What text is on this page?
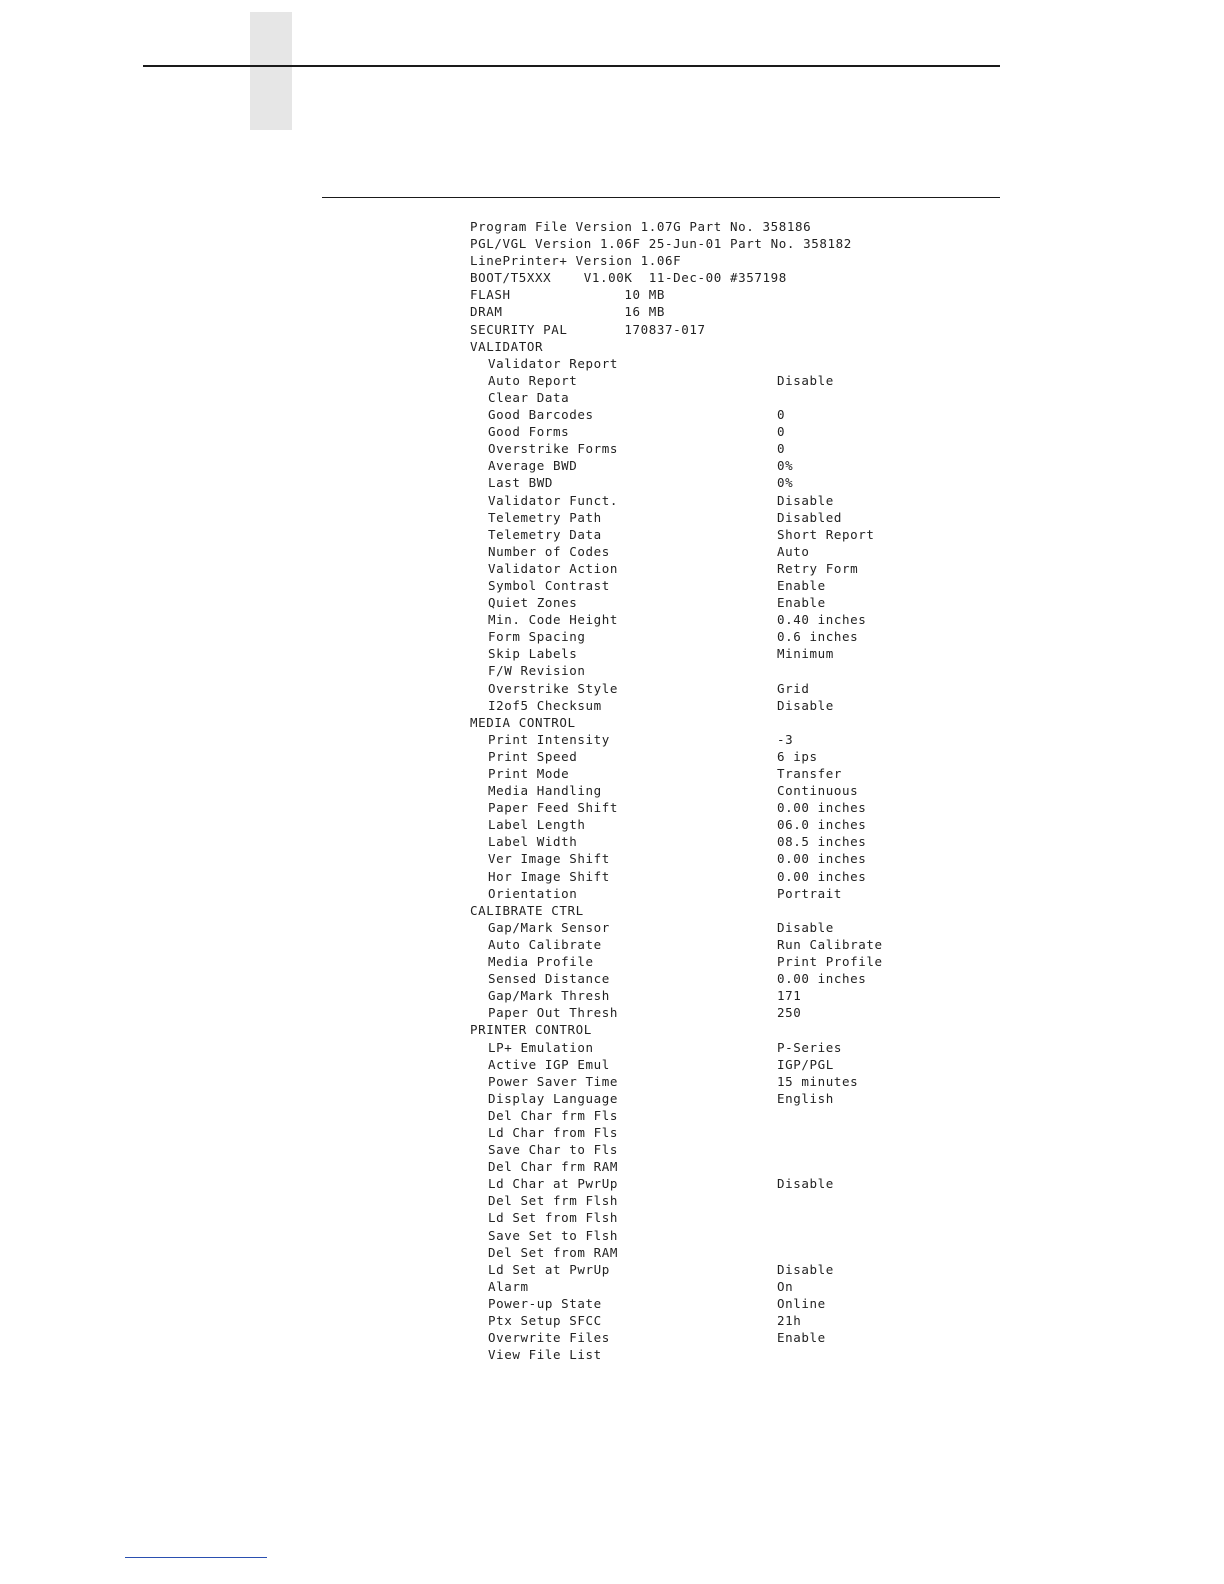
Program File Version 1.07G Part No. 358186
PGL/VGL Version 1.06F 25-Jun-01 Part No. 358182
LinePrinter+ Version 1.06F
BOOT/T5XXX    V1.00K  11-Dec-00 #357198
FLASH              10 MB
DRAM               16 MB
SECURITY PAL       170837-017
VALIDATOR
Validator Report
Auto Report	Disable
Clear Data
Good Barcodes	0
Good Forms	0
Overstrike Forms	0
Average BWD	0%
Last BWD	0%
Validator Funct.	Disable
Telemetry Path	Disabled
Telemetry Data	Short Report
Number of Codes	Auto
Validator Action	Retry Form
Symbol Contrast	Enable
Quiet Zones	Enable
Min. Code Height	0.40 inches
Form Spacing	0.6 inches
Skip Labels	Minimum
F/W Revision
Overstrike Style	Grid
I2of5 Checksum	Disable
MEDIA CONTROL
Print Intensity	-3
Print Speed	6 ips
Print Mode	Transfer
Media Handling	Continuous
Paper Feed Shift	0.00 inches
Label Length	06.0 inches
Label Width	08.5 inches
Ver Image Shift	0.00 inches
Hor Image Shift	0.00 inches
Orientation	Portrait
CALIBRATE CTRL
Gap/Mark Sensor	Disable
Auto Calibrate	Run Calibrate
Media Profile	Print Profile
Sensed Distance	0.00 inches
Gap/Mark Thresh	171
Paper Out Thresh	250
PRINTER CONTROL
LP+ Emulation	P-Series
Active IGP Emul	IGP/PGL
Power Saver Time	15 minutes
Display Language	English
Del Char frm Fls
Ld Char from Fls
Save Char to Fls
Del Char frm RAM
Ld Char at PwrUp	Disable
Del Set frm Flsh
Ld Set from Flsh
Save Set to Flsh
Del Set from RAM
Ld Set at PwrUp	Disable
Alarm	On
Power-up State	Online
Ptx Setup SFCC	21h
Overwrite Files	Enable
View File List
